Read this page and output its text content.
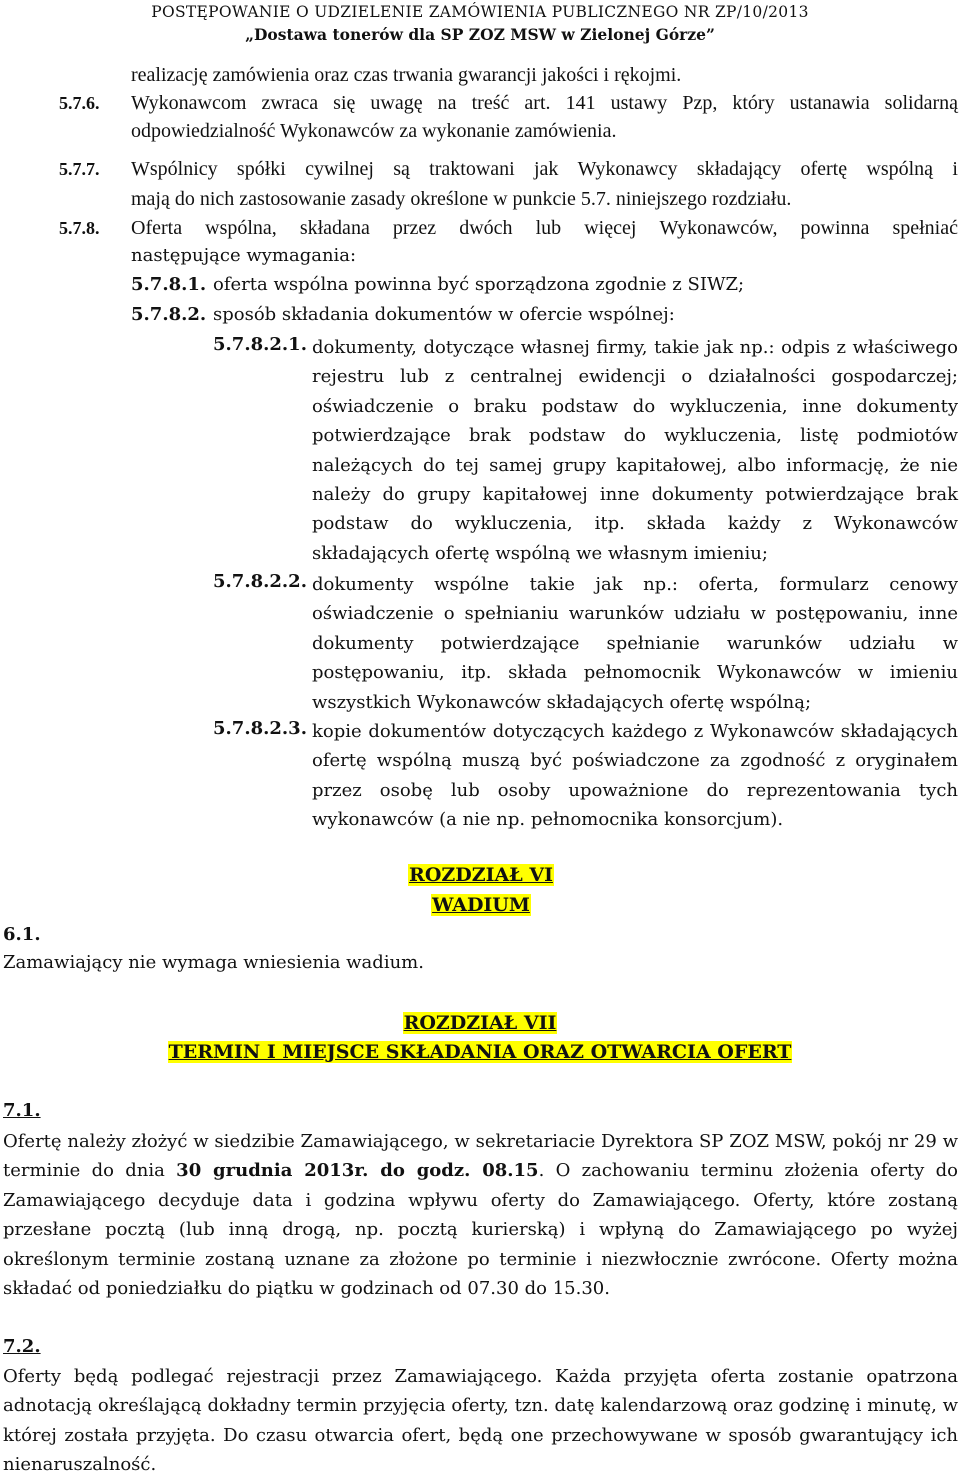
POSTĘPOWANIE O UDZIELENIE ZAMÓWIENIA PUBLICZNEGO NR ZP/10/2013
„Dostawa tonerów dla SP ZOZ MSW w Zielonej Górze”
realizację zamówienia oraz czas trwania gwarancji jakości i rękojmi.
5.7.6. Wykonawcom zwraca się uwagę na treść art. 141 ustawy Pzp, który ustanawia solidarną
odpowiedzialność Wykonawców za wykonanie zamówienia.
5.7.7. Wspólnicy spółki cywilnej są traktowani jak Wykonawcy składający ofertę wspólną i
mają do nich zastosowanie zasady określone w punkcie 5.7. niniejszego rozdziału.
5.7.8. Oferta wspólna, składana przez dwóch lub więcej Wykonawców, powinna spełniać
następujące wymagania:
5.7.8.1. oferta wspólna powinna być sporządzona zgodnie z SIWZ;
5.7.8.2. sposób składania dokumentów w ofercie wspólnej:
5.7.8.2.1. dokumenty, dotyczące własnej firmy, takie jak np.: odpis z właściwego rejestru lub z centralnej ewidencji o działalności gospodarczej; oświadczenie o braku podstaw do wykluczenia, inne dokumenty potwierdzające brak podstaw do wykluczenia, listę podmiotów należących do tej samej grupy kapitałowej, albo informację, że nie należy do grupy kapitałowej inne dokumenty potwierdzające brak podstaw do wykluczenia, itp. składa każdy z Wykonawców składających ofertę wspólną we własnym imieniu;
5.7.8.2.2. dokumenty wspólne takie jak np.: oferta, formularz cenowy oświadczenie o spełnianiu warunków udziału w postępowaniu, inne dokumenty potwierdzające spełnianie warunków udziału w postępowaniu, itp. składa pełnomocnik Wykonawców w imieniu wszystkich Wykonawców składających ofertę wspólną;
5.7.8.2.3. kopie dokumentów dotyczących każdego z Wykonawców składających ofertę wspólną muszą być poświadczone za zgodność z oryginałem przez osobę lub osoby upoważnione do reprezentowania tych wykonawców (a nie np. pełnomocnika konsorcjum).
ROZDZIAŁ VI
WADIUM
6.1.
Zamawiający nie wymaga wniesienia wadium.
ROZDZIAŁ VII
TERMIN I MIEJSCE SKŁADANIA ORAZ OTWARCIA OFERT
7.1.
Ofertę należy złożyć w siedzibie Zamawiającego, w sekretariacie Dyrektora SP ZOZ MSW, pokój nr 29 w terminie do dnia 30 grudnia 2013r. do godz. 08.15. O zachowaniu terminu złożenia oferty do Zamawiającego decyduje data i godzina wpływu oferty do Zamawiającego. Oferty, które zostaną przesłane pocztą (lub inną drogą, np. pocztą kurierską) i wpłyną do Zamawiającego po wyżej określonym terminie zostaną uznane za złożone po terminie i niezwłocznie zwrócone. Oferty można składać od poniedziałku do piątku w godzinach od 07.30 do 15.30.
7.2.
Oferty będą podlegać rejestracji przez Zamawiającego. Każda przyjęta oferta zostanie opatrzona adnotacją określającą dokładny termin przyjęcia oferty, tzn. datę kalendarzową oraz godzinę i minutę, w której została przyjęta. Do czasu otwarcia ofert, będą one przechowywane w sposób gwarantujący ich nienaruszalność.
